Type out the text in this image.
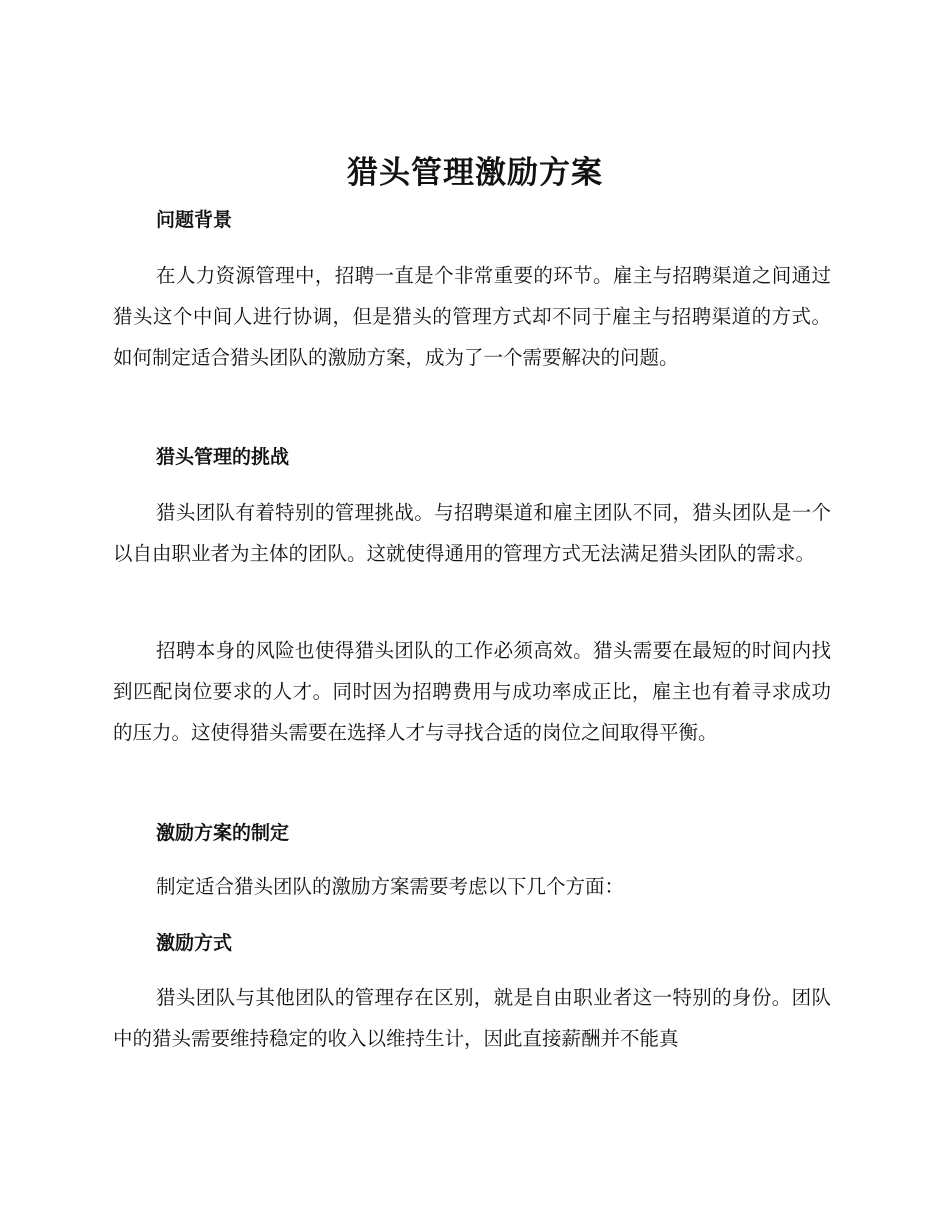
猎头管理激励方案
问题背景
在人力资源管理中，招聘一直是个非常重要的环节。雇主与招聘渠道之间通过猎头这个中间人进行协调，但是猎头的管理方式却不同于雇主与招聘渠道的方式。如何制定适合猎头团队的激励方案，成为了一个需要解决的问题。
猎头管理的挑战
猎头团队有着特别的管理挑战。与招聘渠道和雇主团队不同，猎头团队是一个以自由职业者为主体的团队。这就使得通用的管理方式无法满足猎头团队的需求。
招聘本身的风险也使得猎头团队的工作必须高效。猎头需要在最短的时间内找到匹配岗位要求的人才。同时因为招聘费用与成功率成正比，雇主也有着寻求成功的压力。这使得猎头需要在选择人才与寻找合适的岗位之间取得平衡。
激励方案的制定
制定适合猎头团队的激励方案需要考虑以下几个方面：
激励方式
猎头团队与其他团队的管理存在区别，就是自由职业者这一特别的身份。团队中的猎头需要维持稳定的收入以维持生计，因此直接薪酬并不能真
